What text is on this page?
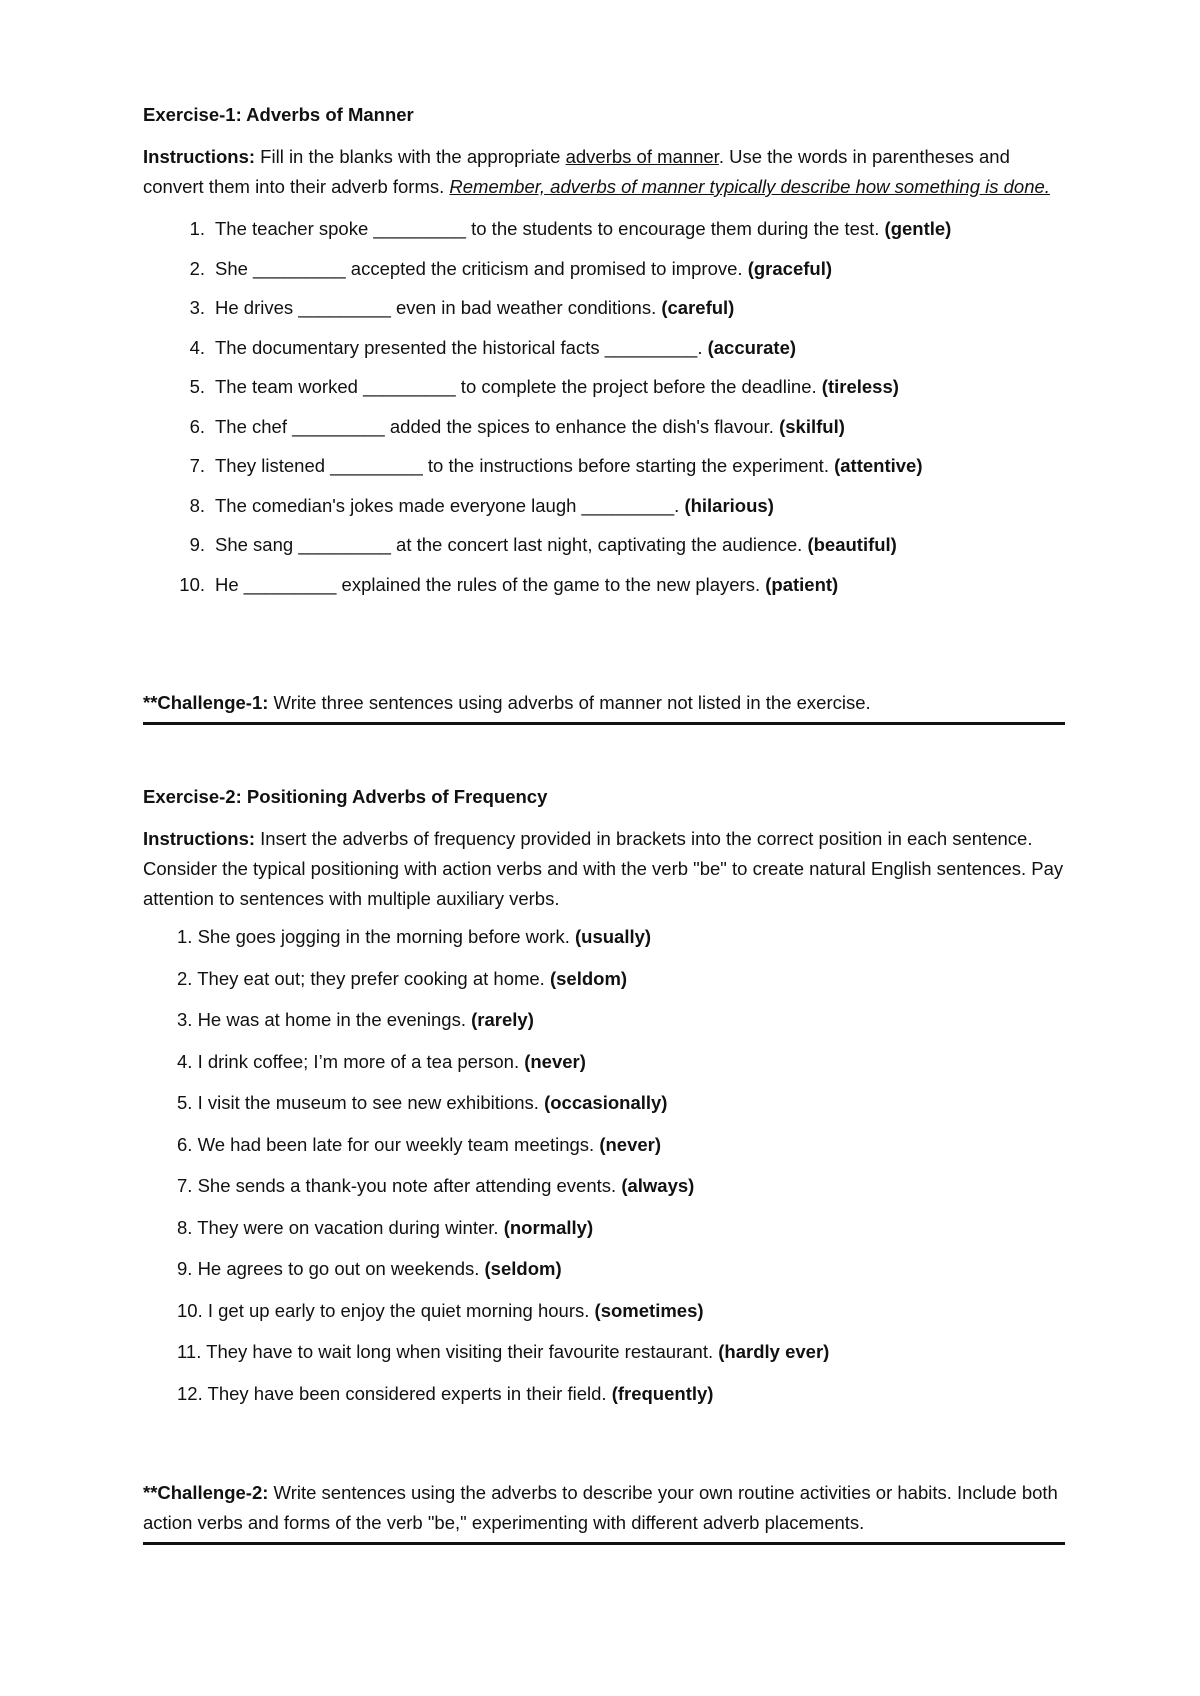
Exercise-1: Adverbs of Manner
Instructions: Fill in the blanks with the appropriate adverbs of manner. Use the words in parentheses and convert them into their adverb forms. Remember, adverbs of manner typically describe how something is done.
1. The teacher spoke _________ to the students to encourage them during the test. (gentle)
2. She _________ accepted the criticism and promised to improve. (graceful)
3. He drives _________ even in bad weather conditions. (careful)
4. The documentary presented the historical facts _________. (accurate)
5. The team worked _________ to complete the project before the deadline. (tireless)
6. The chef _________ added the spices to enhance the dish's flavour. (skilful)
7. They listened _________ to the instructions before starting the experiment. (attentive)
8. The comedian's jokes made everyone laugh _________. (hilarious)
9. She sang _________ at the concert last night, captivating the audience. (beautiful)
10. He _________ explained the rules of the game to the new players. (patient)
**Challenge-1: Write three sentences using adverbs of manner not listed in the exercise.
Exercise-2: Positioning Adverbs of Frequency
Instructions: Insert the adverbs of frequency provided in brackets into the correct position in each sentence. Consider the typical positioning with action verbs and with the verb "be" to create natural English sentences. Pay attention to sentences with multiple auxiliary verbs.
1. She goes jogging in the morning before work. (usually)
2. They eat out; they prefer cooking at home. (seldom)
3. He was at home in the evenings. (rarely)
4. I drink coffee; I’m more of a tea person. (never)
5. I visit the museum to see new exhibitions. (occasionally)
6. We had been late for our weekly team meetings. (never)
7. She sends a thank-you note after attending events. (always)
8. They were on vacation during winter. (normally)
9. He agrees to go out on weekends. (seldom)
10. I get up early to enjoy the quiet morning hours. (sometimes)
11. They have to wait long when visiting their favourite restaurant. (hardly ever)
12. They have been considered experts in their field. (frequently)
**Challenge-2: Write sentences using the adverbs to describe your own routine activities or habits. Include both action verbs and forms of the verb "be," experimenting with different adverb placements.
